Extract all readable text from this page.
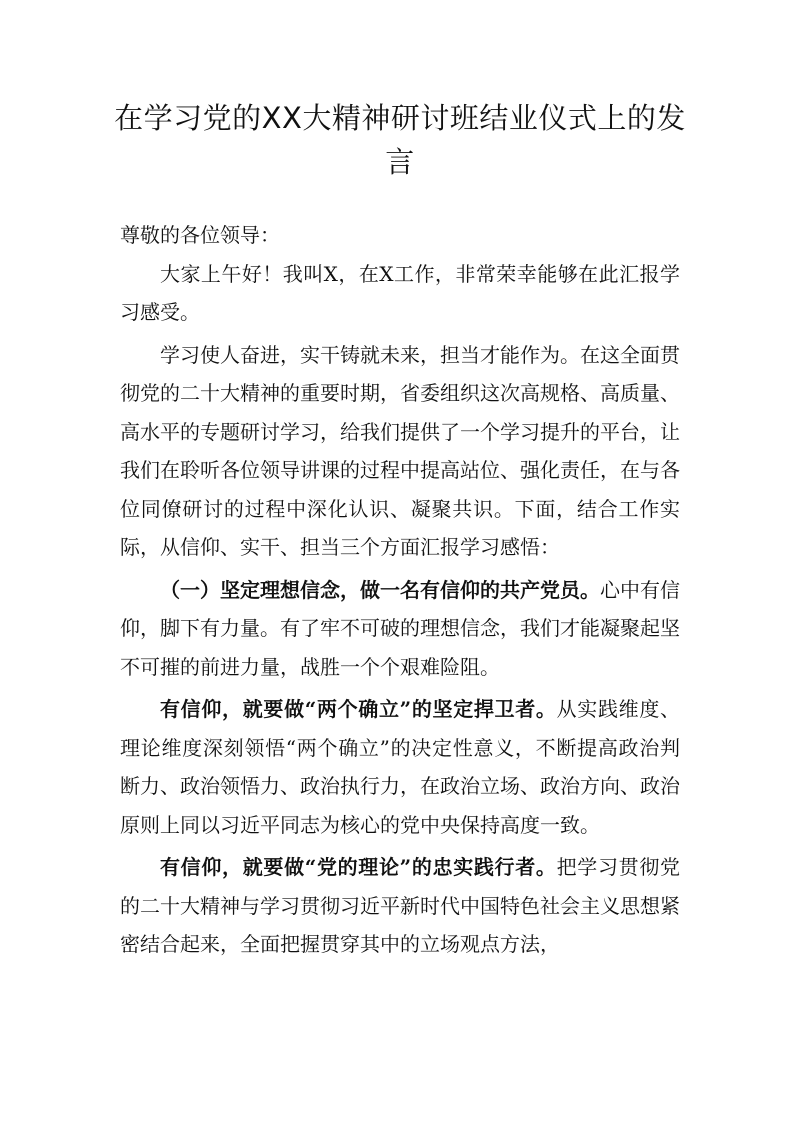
在学习党的XX大精神研讨班结业仪式上的发言

尊敬的各位领导：

大家上午好！我叫X，在X工作，非常荣幸能够在此汇报学习感受。

学习使人奋进，实干铸就未来，担当才能作为。在这全面贯彻党的二十大精神的重要时期，省委组织这次高规格、高质量、高水平的专题研讨学习，给我们提供了一个学习提升的平台，让我们在聆听各位领导讲课的过程中提高站位、强化责任，在与各位同僚研讨的过程中深化认识、凝聚共识。下面，结合工作实际，从信仰、实干、担当三个方面汇报学习感悟：

（一）坚定理想信念，做一名有信仰的共产党员。心中有信仰，脚下有力量。有了牢不可破的理想信念，我们才能凝聚起坚不可摧的前进力量，战胜一个个艰难险阻。

有信仰，就要做“两个确立”的坚定捍卫者。从实践维度、理论维度深刻领悟“两个确立”的决定性意义，不断提高政治判断力、政治领悟力、政治执行力，在政治立场、政治方向、政治原则上同以习近平同志为核心的党中央保持高度一致。

有信仰，就要做“党的理论”的忠实践行者。把学习贯彻党的二十大精神与学习贯彻习近平新时代中国特色社会主义思想紧密结合起来，全面把握贯穿其中的立场观点方法，
